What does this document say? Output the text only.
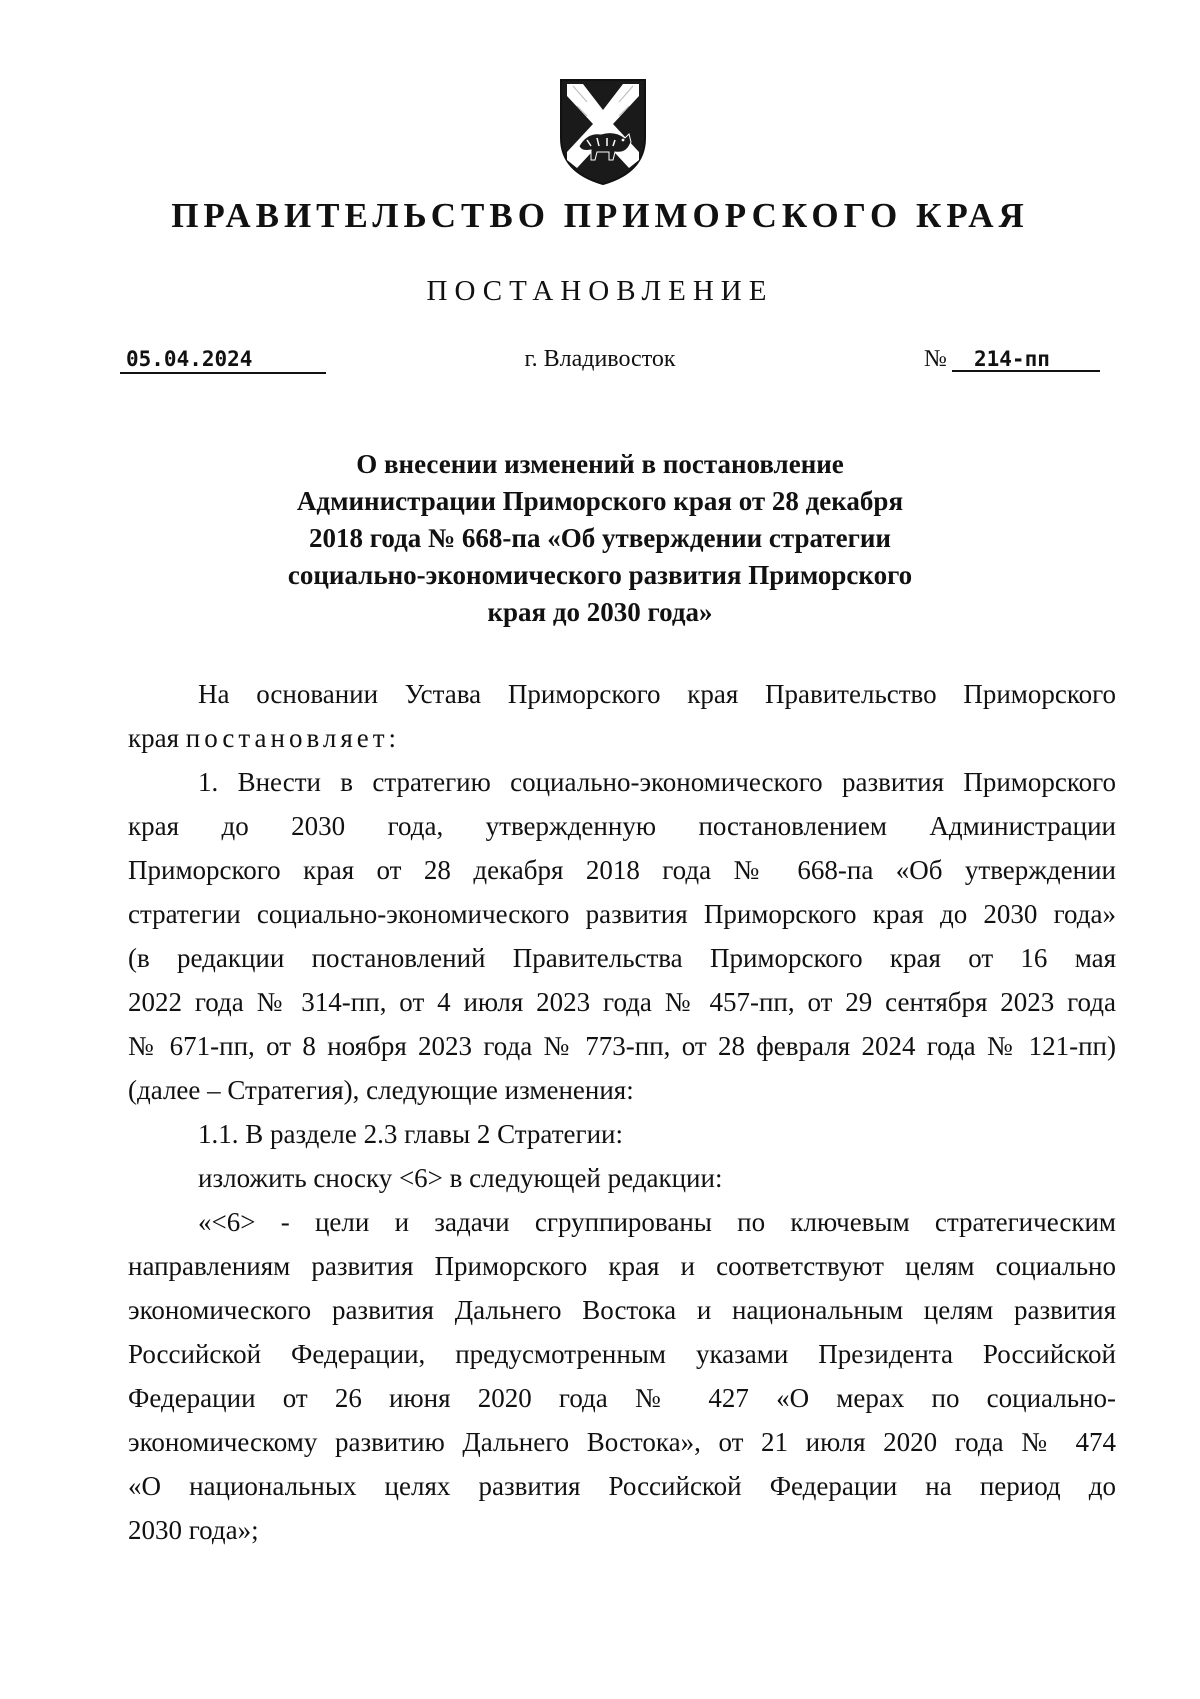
ПРАВИТЕЛЬСТВО ПРИМОРСКОГО КРАЯ
ПОСТАНОВЛЕНИЕ
05.04.2024	г. Владивосток	№	214-пп
О внесении изменений в постановление
Администрации Приморского края от 28 декабря
2018 года № 668-па «Об утверждении стратегии
социально-экономического развития Приморского
края до 2030 года»
На основании Устава Приморского края Правительство Приморского
края постановляет:
1. Внести в стратегию социально-экономического развития Приморского
края до 2030 года, утвержденную постановлением Администрации
Приморского края от 28 декабря 2018 года № 668-па «Об утверждении
стратегии социально-экономического развития Приморского края до 2030 года»
(в редакции постановлений Правительства Приморского края от 16 мая
2022 года № 314-пп, от 4 июля 2023 года № 457-пп, от 29 сентября 2023 года
№ 671-пп, от 8 ноября 2023 года № 773-пп, от 28 февраля 2024 года № 121-пп)
(далее – Стратегия), следующие изменения:
1.1. В разделе 2.3 главы 2 Стратегии:
изложить сноску <6> в следующей редакции:
«<6> - цели и задачи сгруппированы по ключевым стратегическим
направлениям развития Приморского края и соответствуют целям социально
экономического развития Дальнего Востока и национальным целям развития
Российской Федерации, предусмотренным указами Президента Российской
Федерации от 26 июня 2020 года № 427 «О мерах по социально-
экономическому развитию Дальнего Востока», от 21 июля 2020 года № 474
«О национальных целях развития Российской Федерации на период до
2030 года»;
